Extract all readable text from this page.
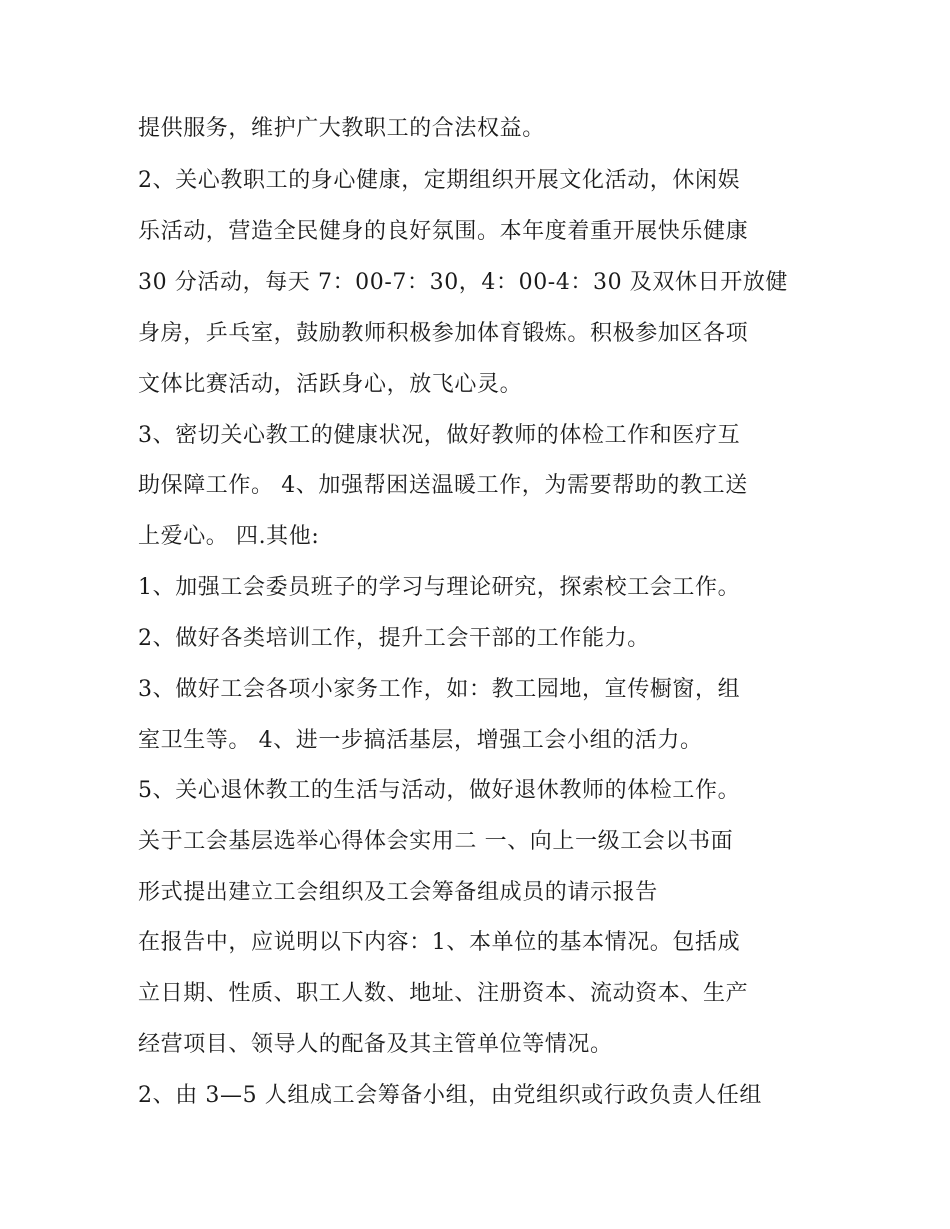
提供服务，维护广大教职工的合法权益。
2、关心教职工的身心健康，定期组织开展文化活动，休闲娱
乐活动，营造全民健身的良好氛围。本年度着重开展快乐健康
30 分活动，每天 7：00-7：30，4：00-4：30 及双休日开放健
身房，乒乓室，鼓励教师积极参加体育锻炼。积极参加区各项
文体比赛活动，活跃身心，放飞心灵。
3、密切关心教工的健康状况，做好教师的体检工作和医疗互
助保障工作。 4、加强帮困送温暖工作，为需要帮助的教工送
上爱心。 四.其他:
1、加强工会委员班子的学习与理论研究，探索校工会工作。
2、做好各类培训工作，提升工会干部的工作能力。
3、做好工会各项小家务工作，如：教工园地，宣传橱窗，组
室卫生等。 4、进一步搞活基层，增强工会小组的活力。
5、关心退休教工的生活与活动，做好退休教师的体检工作。
关于工会基层选举心得体会实用二 一、向上一级工会以书面
形式提出建立工会组织及工会筹备组成员的请示报告
在报告中，应说明以下内容：1、本单位的基本情况。包括成
立日期、性质、职工人数、地址、注册资本、流动资本、生产
经营项目、领导人的配备及其主管单位等情况。
2、由 3—5 人组成工会筹备小组，由党组织或行政负责人任组
